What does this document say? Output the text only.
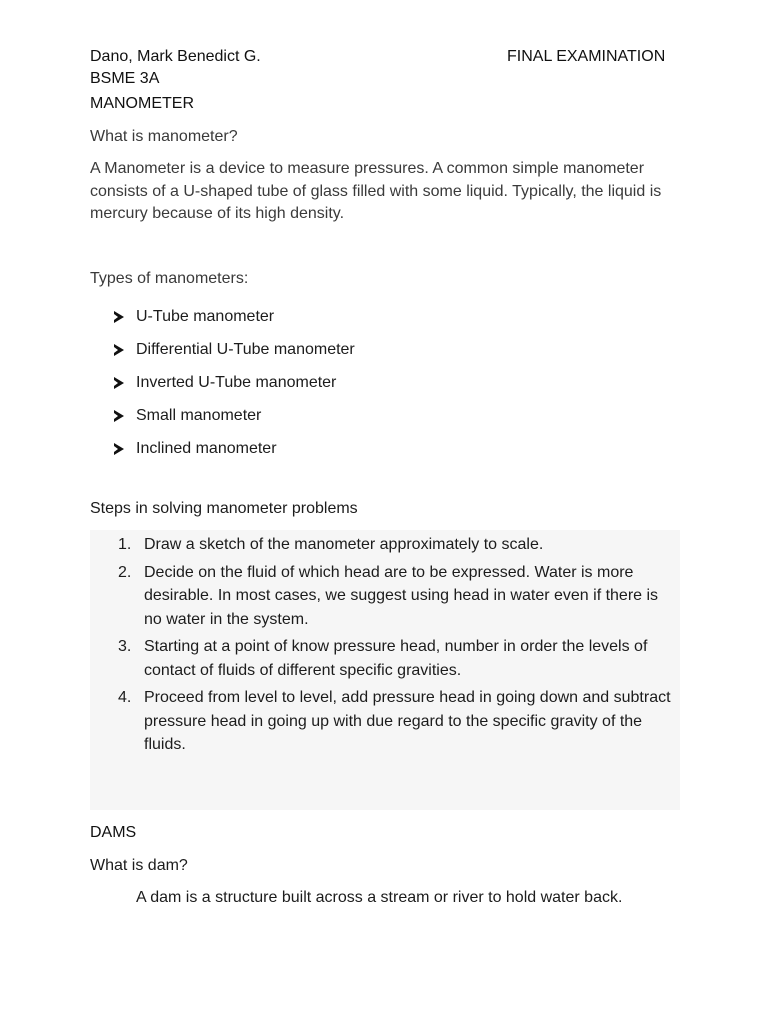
Dano, Mark Benedict G.	FINAL EXAMINATION
BSME 3A
MANOMETER
What is manometer?
A Manometer is a device to measure pressures. A common simple manometer consists of a U-shaped tube of glass filled with some liquid. Typically, the liquid is mercury because of its high density.
Types of manometers:
U-Tube manometer
Differential U-Tube manometer
Inverted U-Tube manometer
Small manometer
Inclined manometer
Steps in solving manometer problems
1. Draw a sketch of the manometer approximately to scale.
2. Decide on the fluid of which head are to be expressed. Water is more desirable. In most cases, we suggest using head in water even if there is no water in the system.
3. Starting at a point of know pressure head, number in order the levels of contact of fluids of different specific gravities.
4. Proceed from level to level, add pressure head in going down and subtract pressure head in going up with due regard to the specific gravity of the fluids.
DAMS
What is dam?
A dam is a structure built across a stream or river to hold water back.
